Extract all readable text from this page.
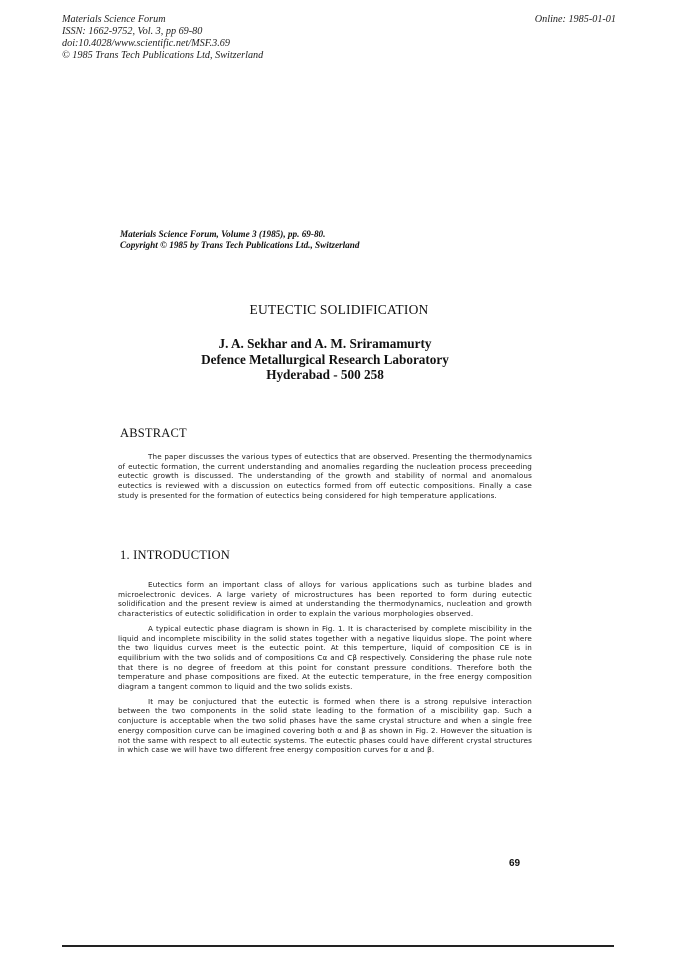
Materials Science Forum
ISSN: 1662-9752, Vol. 3, pp 69-80
doi:10.4028/www.scientific.net/MSF.3.69
© 1985 Trans Tech Publications Ltd, Switzerland
Online: 1985-01-01
Materials Science Forum, Volume 3 (1985), pp. 69-80.
Copyright © 1985 by Trans Tech Publications Ltd., Switzerland
EUTECTIC SOLIDIFICATION
J. A. Sekhar and A. M. Sriramamurty
Defence Metallurgical Research Laboratory
Hyderabad - 500 258
ABSTRACT

The paper discusses the various types of eutectics that are observed. Presenting the thermodynamics of eutectic formation, the current understanding and anomalies regarding the nucleation process preceeding eutectic growth is discussed. The understanding of the growth and stability of normal and anomalous eutectics is reviewed with a discussion on eutectics formed from off eutectic compositions. Finally a case study is presented for the formation of eutectics being considered for high temperature applications.

1. INTRODUCTION

Eutectics form an important class of alloys for various applications such as turbine blades and microelectronic devices. A large variety of microstructures has been reported to form during eutectic solidification and the present review is aimed at understanding the thermodynamics, nucleation and growth characteristics of eutectic solidification in order to explain the various morphologies observed.

A typical eutectic phase diagram is shown in Fig. 1. It is characterised by complete miscibility in the liquid and incomplete miscibility in the solid states together with a negative liquidus slope. The point where the two liquidus curves meet is the eutectic point. At this temperture, liquid of composition CE is in equilibrium with the two solids and of compositions Cα and Cβ respectively. Considering the phase rule note that there is no degree of freedom at this point for constant pressure conditions. Therefore both the temperature and phase compositions are fixed. At the eutectic temperature, in the free energy composition diagram a tangent common to liquid and the two solids exists.

It may be conjuctured that the eutectic is formed when there is a strong repulsive interaction between the two components in the solid state leading to the formation of a miscibility gap. Such a conjucture is acceptable when the two solid phases have the same crystal structure and when a single free energy composition curve can be imagined covering both α and β as shown in Fig. 2. However the situation is not the same with respect to all eutectic systems. The eutectic phases could have different crystal structures in which case we will have two different free energy composition curves for α and β.

69
